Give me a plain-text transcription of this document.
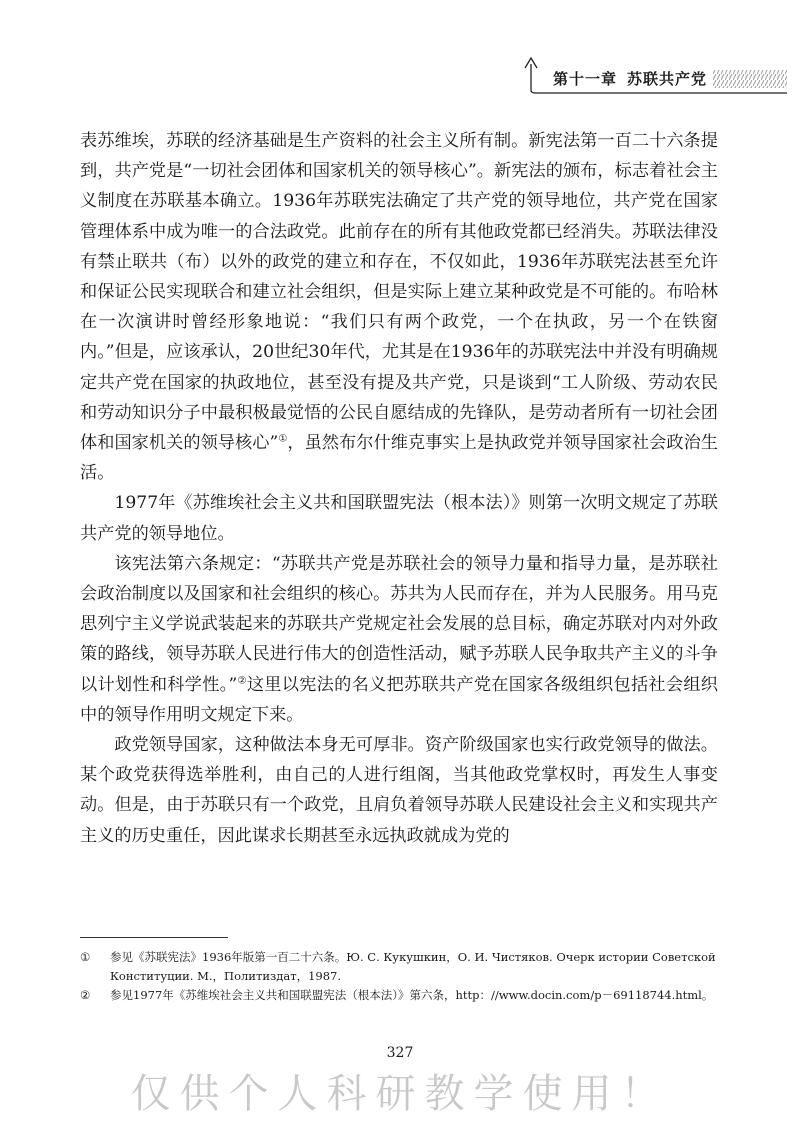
第十一章 苏联共产党

表苏维埃，苏联的经济基础是生产资料的社会主义所有制。新宪法第一百二十六条提到，共产党是“一切社会团体和国家机关的领导核心”。新宪法的颁布，标志着社会主义制度在苏联基本确立。1936年苏联宪法确定了共产党的领导地位，共产党在国家管理体系中成为唯一的合法政党。此前存在的所有其他政党都已经消失。苏联法律没有禁止联共（布）以外的政党的建立和存在，不仅如此，1936年苏联宪法甚至允许和保证公民实现联合和建立社会组织，但是实际上建立某种政党是不可能的。布哈林在一次演讲时曾经形象地说：“我们只有两个政党，一个在执政，另一个在铁窗内。”但是，应该承认，20世纪30年代，尤其是在1936年的苏联宪法中并没有明确规定共产党在国家的执政地位，甚至没有提及共产党，只是谈到“工人阶级、劳动农民和劳动知识分子中最积极最觉悟的公民自愿结成的先锋队，是劳动者所有一切社会团体和国家机关的领导核心”①，虽然布尔什维克事实上是执政党并领导国家社会政治生活。

1977年《苏维埃社会主义共和国联盟宪法（根本法）》则第一次明文规定了苏联共产党的领导地位。

该宪法第六条规定：“苏联共产党是苏联社会的领导力量和指导力量，是苏联社会政治制度以及国家和社会组织的核心。苏共为人民而存在，并为人民服务。用马克思列宁主义学说武装起来的苏联共产党规定社会发展的总目标，确定苏联对内对外政策的路线，领导苏联人民进行伟大的创造性活动，赋予苏联人民争取共产主义的斗争以计划性和科学性。”②这里以宪法的名义把苏联共产党在国家各级组织包括社会组织中的领导作用明文规定下来。

政党领导国家，这种做法本身无可厚非。资产阶级国家也实行政党领导的做法。某个政党获得选举胜利，由自己的人进行组阁，当其他政党掌权时，再发生人事变动。但是，由于苏联只有一个政党，且肩负着领导苏联人民建设社会主义和实现共产主义的历史重任，因此谋求长期甚至永远执政就成为党的

①	参见《苏联宪法》1936年版第一百二十六条。Ю. С. Кукушкин，О. И. Чистяков. Очерк истории Советской Конституции. М.，Политиздат，1987.
②	参见1977年《苏维埃社会主义共和国联盟宪法（根本法）》第六条，http：//www.docin.com/p－69118744.html。
327
仅供个人科研教学使用！
